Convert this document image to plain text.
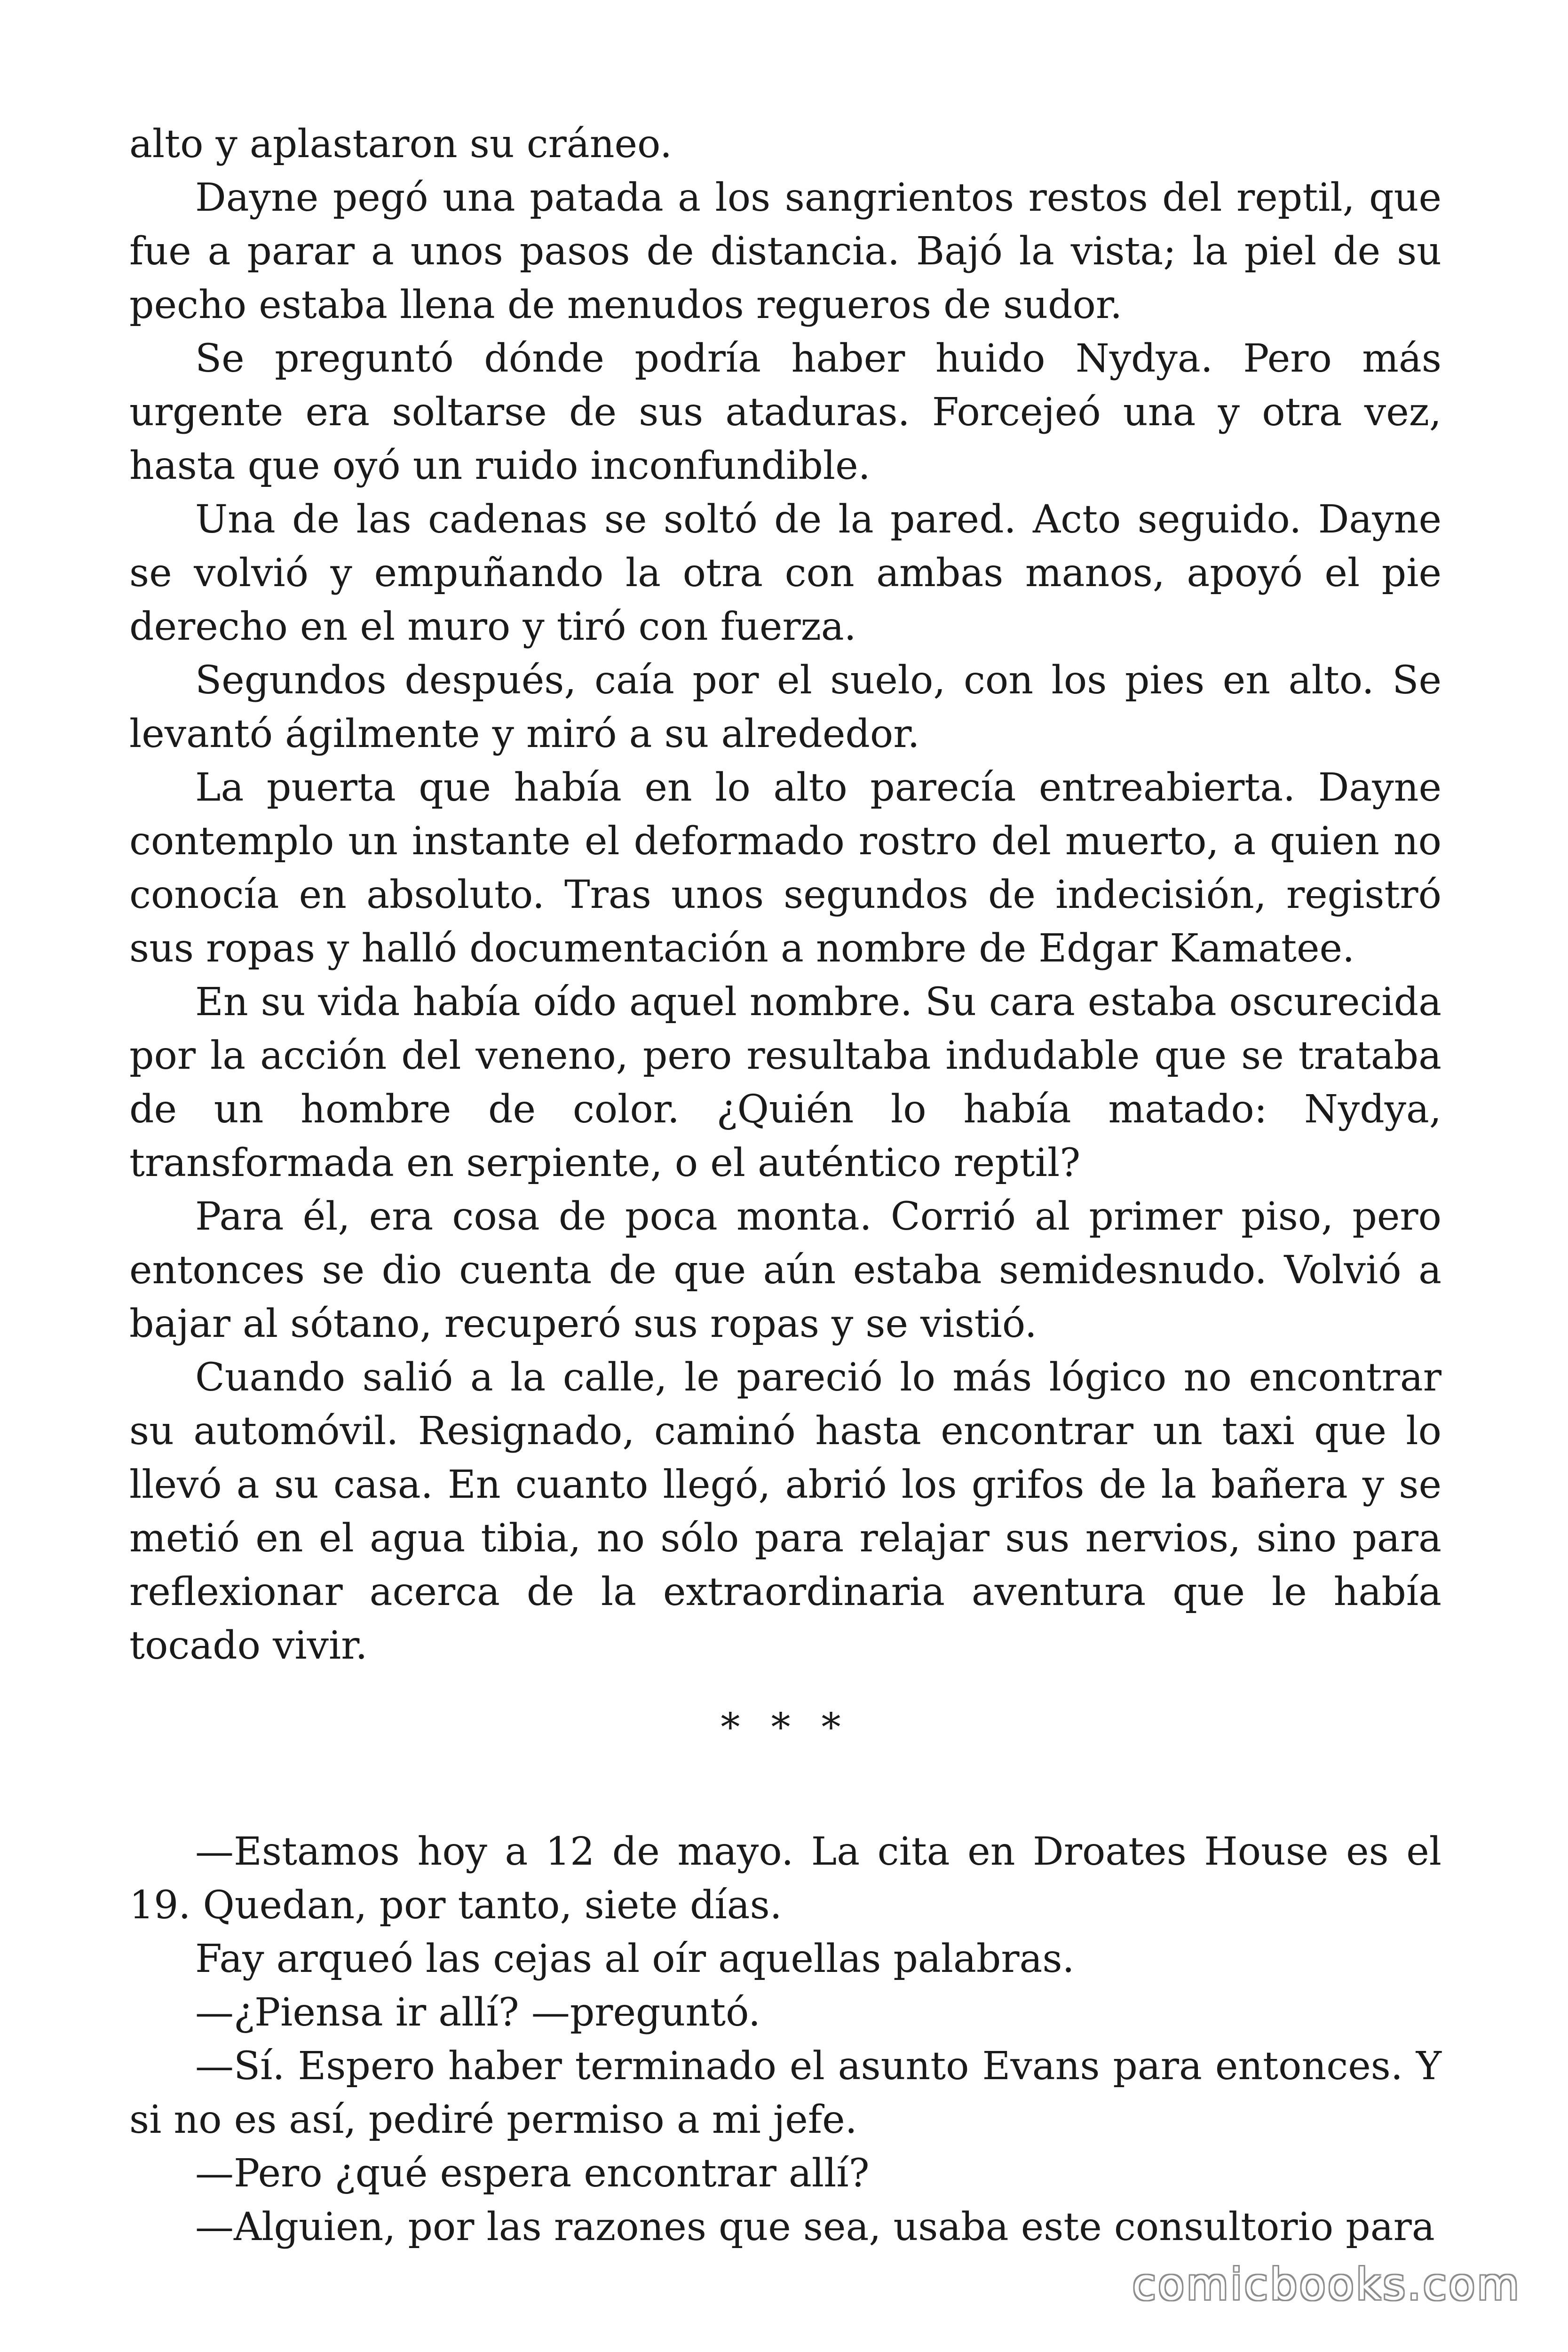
alto y aplastaron su cráneo.

Dayne pegó una patada a los sangrientos restos del reptil, que fue a parar a unos pasos de distancia. Bajó la vista; la piel de su pecho estaba llena de menudos regueros de sudor.

Se preguntó dónde podría haber huido Nydya. Pero más urgente era soltarse de sus ataduras. Forcejeó una y otra vez, hasta que oyó un ruido inconfundible.

Una de las cadenas se soltó de la pared. Acto seguido. Dayne se volvió y empuñando la otra con ambas manos, apoyó el pie derecho en el muro y tiró con fuerza.

Segundos después, caía por el suelo, con los pies en alto. Se levantó ágilmente y miró a su alrededor.

La puerta que había en lo alto parecía entreabierta. Dayne contemplo un instante el deformado rostro del muerto, a quien no conocía en absoluto. Tras unos segundos de indecisión, registró sus ropas y halló documentación a nombre de Edgar Kamatee.

En su vida había oído aquel nombre. Su cara estaba oscurecida por la acción del veneno, pero resultaba indudable que se trataba de un hombre de color. ¿Quién lo había matado: Nydya, transformada en serpiente, o el auténtico reptil?

Para él, era cosa de poca monta. Corrió al primer piso, pero entonces se dio cuenta de que aún estaba semidesnudo. Volvió a bajar al sótano, recuperó sus ropas y se vistió.

Cuando salió a la calle, le pareció lo más lógico no encontrar su automóvil. Resignado, caminó hasta encontrar un taxi que lo llevó a su casa. En cuanto llegó, abrió los grifos de la bañera y se metió en el agua tibia, no sólo para relajar sus nervios, sino para reflexionar acerca de la extraordinaria aventura que le había tocado vivir.

* * *

—Estamos hoy a 12 de mayo. La cita en Droates House es el 19. Quedan, por tanto, siete días.

Fay arqueó las cejas al oír aquellas palabras.

—¿Piensa ir allí? —preguntó.

—Sí. Espero haber terminado el asunto Evans para entonces. Y si no es así, pediré permiso a mi jefe.

—Pero ¿qué espera encontrar allí?

—Alguien, por las razones que sea, usaba este consultorio para

comicbooks.com
